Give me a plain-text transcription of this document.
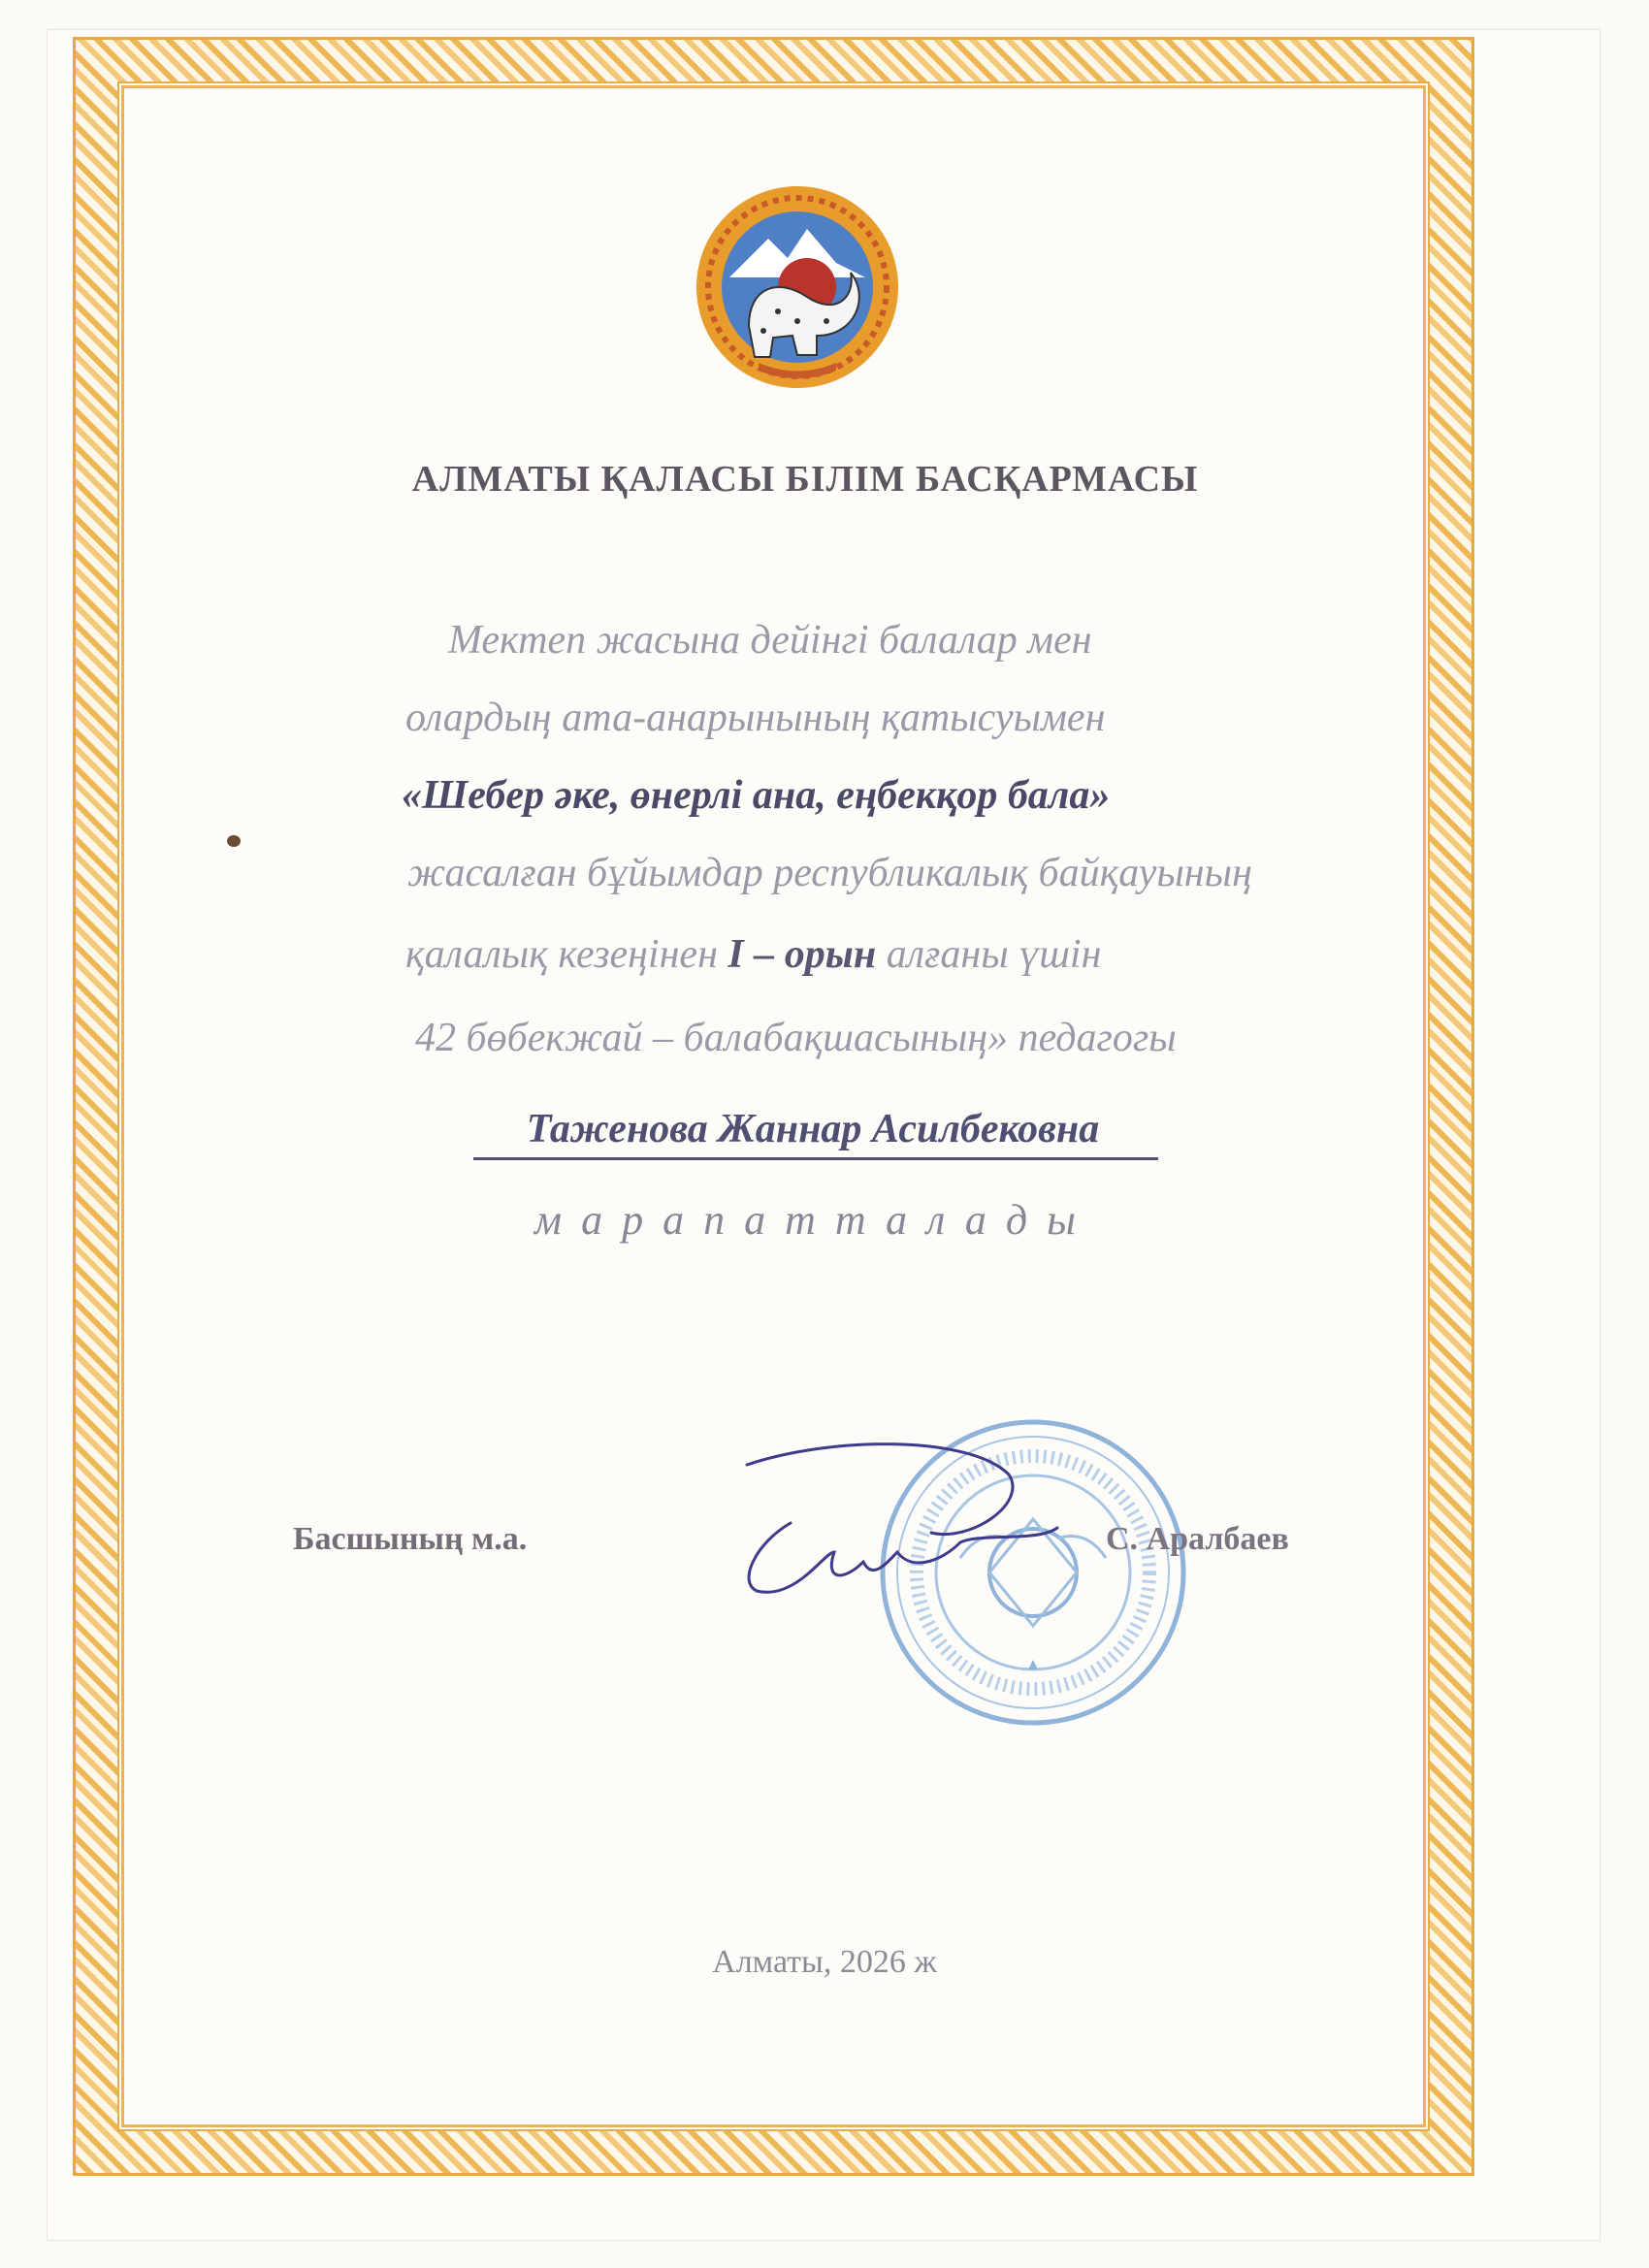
АЛМАТЫ ҚАЛАСЫ БІЛІМ БАСҚАРМАСЫ
Мектеп жасына дейінгі балалар мен
олардың ата-анарынының қатысуымен
«Шебер әке, өнерлі ана, еңбекқор бала»
жасалған бұйымдар республикалық байқауының
қалалық кезеңінен I – орын алғаны үшін
42 бөбекжай – балабақшасының» педагогы
Таженова Жаннар Асилбековна
марапатталады
Басшының м.а.	С. Аралбаев
Алматы, 2026 ж
